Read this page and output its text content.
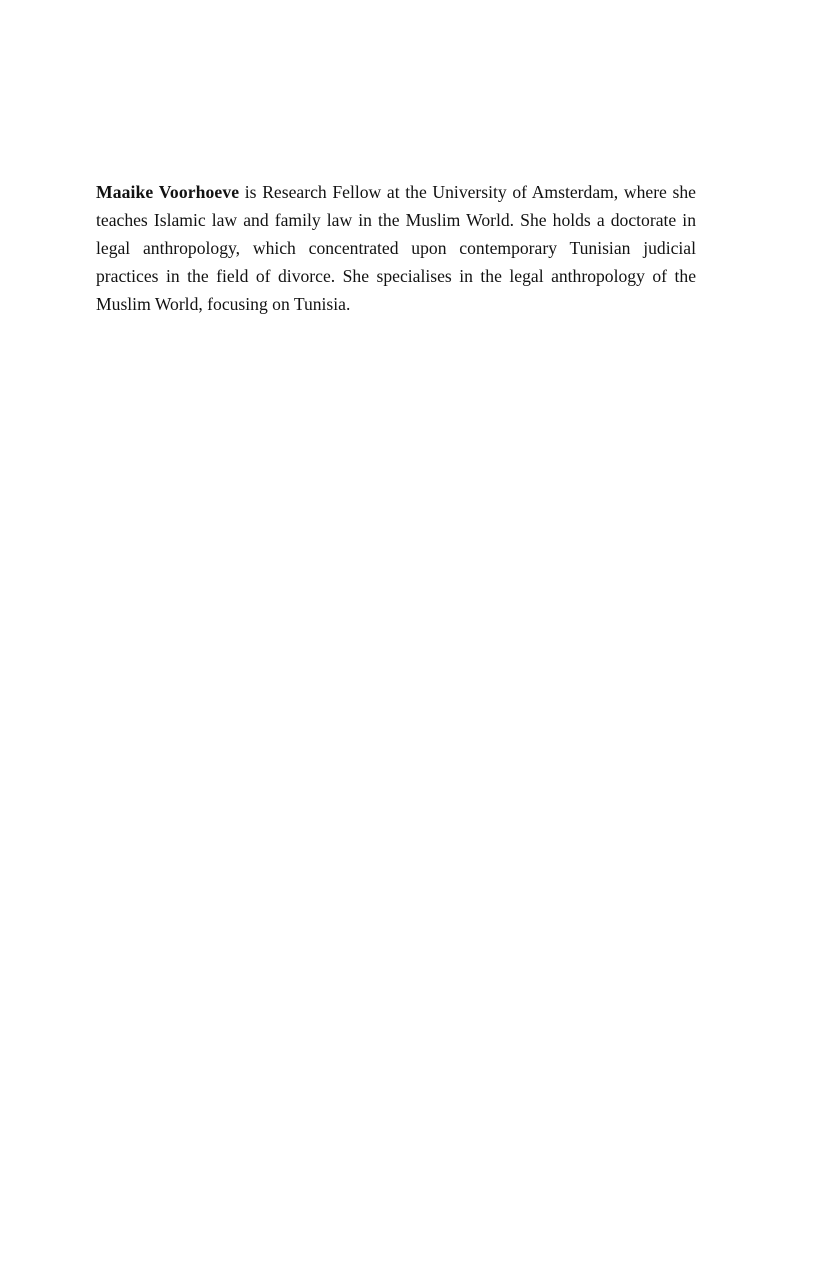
Maaike Voorhoeve is Research Fellow at the University of Amsterdam, where she teaches Islamic law and family law in the Muslim World. She holds a doctorate in legal anthropology, which concentrated upon contemporary Tunisian judicial practices in the field of divorce. She specialises in the legal anthropology of the Muslim World, focusing on Tunisia.
